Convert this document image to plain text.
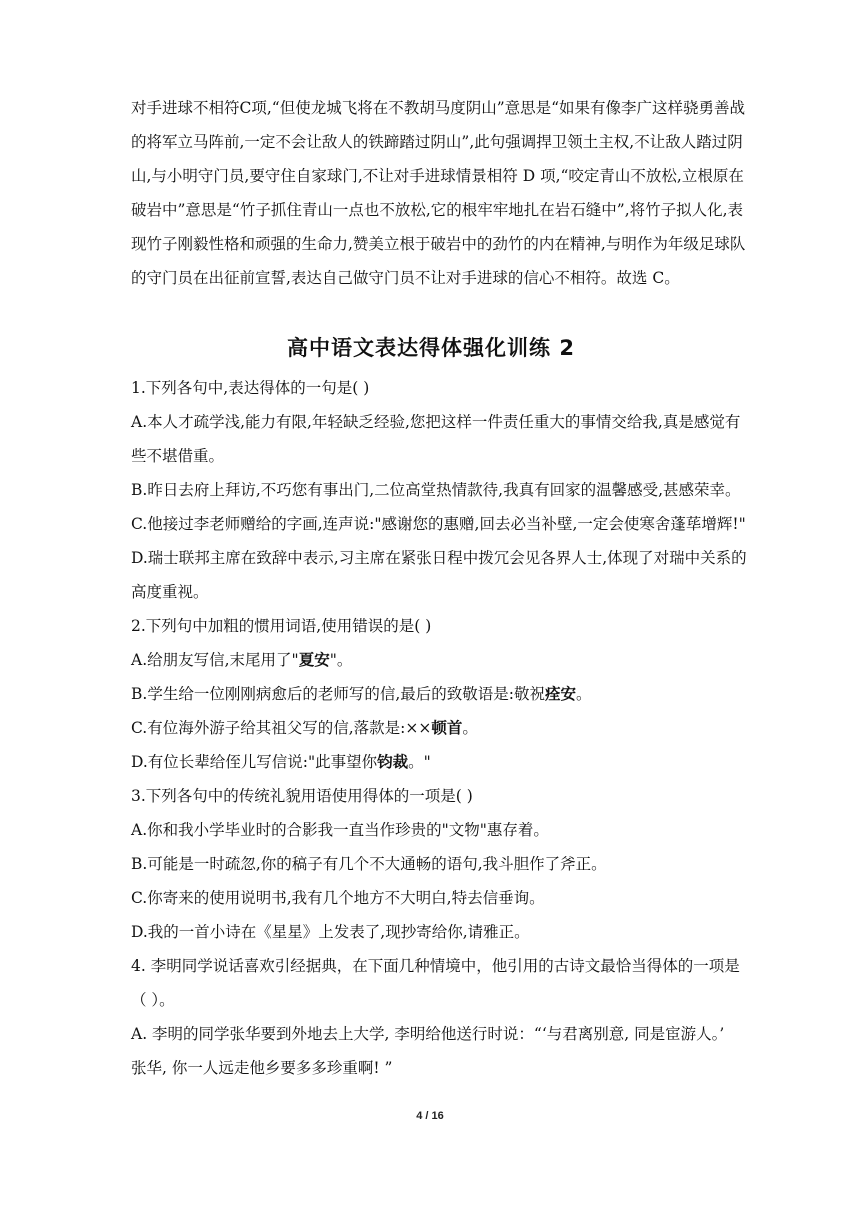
对手进球不相符C项,“但使龙城飞将在不教胡马度阴山”意思是“如果有像李广这样骁勇善战

的将军立马阵前,一定不会让敌人的铁蹄踏过阴山”,此句强调捍卫领土主权,不让敌人踏过阴

山,与小明守门员,要守住自家球门,不让对手进球情景相符 D 项,“咬定青山不放松,立根原在

破岩中”意思是“竹子抓住青山一点也不放松,它的根牢牢地扎在岩石缝中”,将竹子拟人化,表

现竹子刚毅性格和顽强的生命力,赞美立根于破岩中的劲竹的内在精神,与明作为年级足球队

的守门员在出征前宣誓,表达自己做守门员不让对手进球的信心不相符。故选 C。

高中语文表达得体强化训练 2

1.下列各句中,表达得体的一句是( )

A.本人才疏学浅,能力有限,年轻缺乏经验,您把这样一件责任重大的事情交给我,真是感觉有

些不堪借重。

B.昨日去府上拜访,不巧您有事出门,二位高堂热情款待,我真有回家的温馨感受,甚感荣幸。

C.他接过李老师赠给的字画,连声说:"感谢您的惠赠,回去必当补壁,一定会使寒舍蓬荜增辉!"

D.瑞士联邦主席在致辞中表示,习主席在紧张日程中拨冗会见各界人士,体现了对瑞中关系的

高度重视。

2.下列句中加粗的惯用词语,使用错误的是( )

A.给朋友写信,末尾用了"夏安"。

B.学生给一位刚刚病愈后的老师写的信,最后的致敬语是:敬祝痊安。

C.有位海外游子给其祖父写的信,落款是:××顿首。

D.有位长辈给侄儿写信说:"此事望你钧裁。"

3.下列各句中的传统礼貌用语使用得体的一项是( )

A.你和我小学毕业时的合影我一直当作珍贵的"文物"惠存着。

B.可能是一时疏忽,你的稿子有几个不大通畅的语句,我斗胆作了斧正。

C.你寄来的使用说明书,我有几个地方不大明白,特去信垂询。

D.我的一首小诗在《星星》上发表了,现抄寄给你,请雅正。

4. 李明同学说话喜欢引经据典，在下面几种情境中，他引用的古诗文最恰当得体的一项是

（ ）。

A. 李明的同学张华要到外地去上大学, 李明给他送行时说：“‘与君离别意, 同是宦游人。’

张华, 你一人远走他乡要多多珍重啊! ”

4 / 16
